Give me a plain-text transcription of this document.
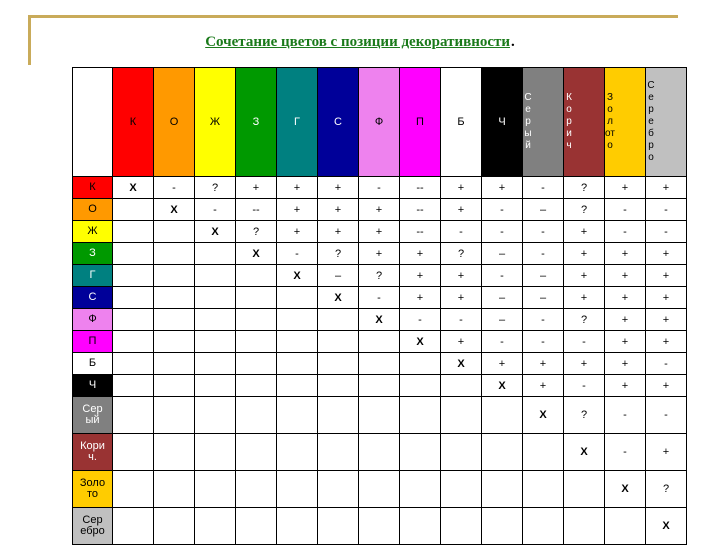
Сочетание цветов с позиции декоративности.

	К	О	Ж	З	Г	С	Ф	П	Б	Ч	Серый	Корич	Золото	Серебро

К	X	-	?	+	+	+	-	--	+	+	-	?	+	+
О		X	-	--	+	+	+	--	+	-	–	?	-	-
Ж			X	?	+	+	+	--	-	-	-	+	-	-
З				X	-	?	+	+	?	–	-	+	+	+
Г					X	–	?	+	+	-	–	+	+	+
С						X	-	+	+	–	–	+	+	+
Ф							X	-	-	–	-	?	+	+
П								X	+	-	-	-	+	+
Б									X	+	+	+	+	-
Ч										X	+	-	+	+
Серый											X	?	-	-
Корич.												X	-	+
Золото													X	?
Серебро														X
